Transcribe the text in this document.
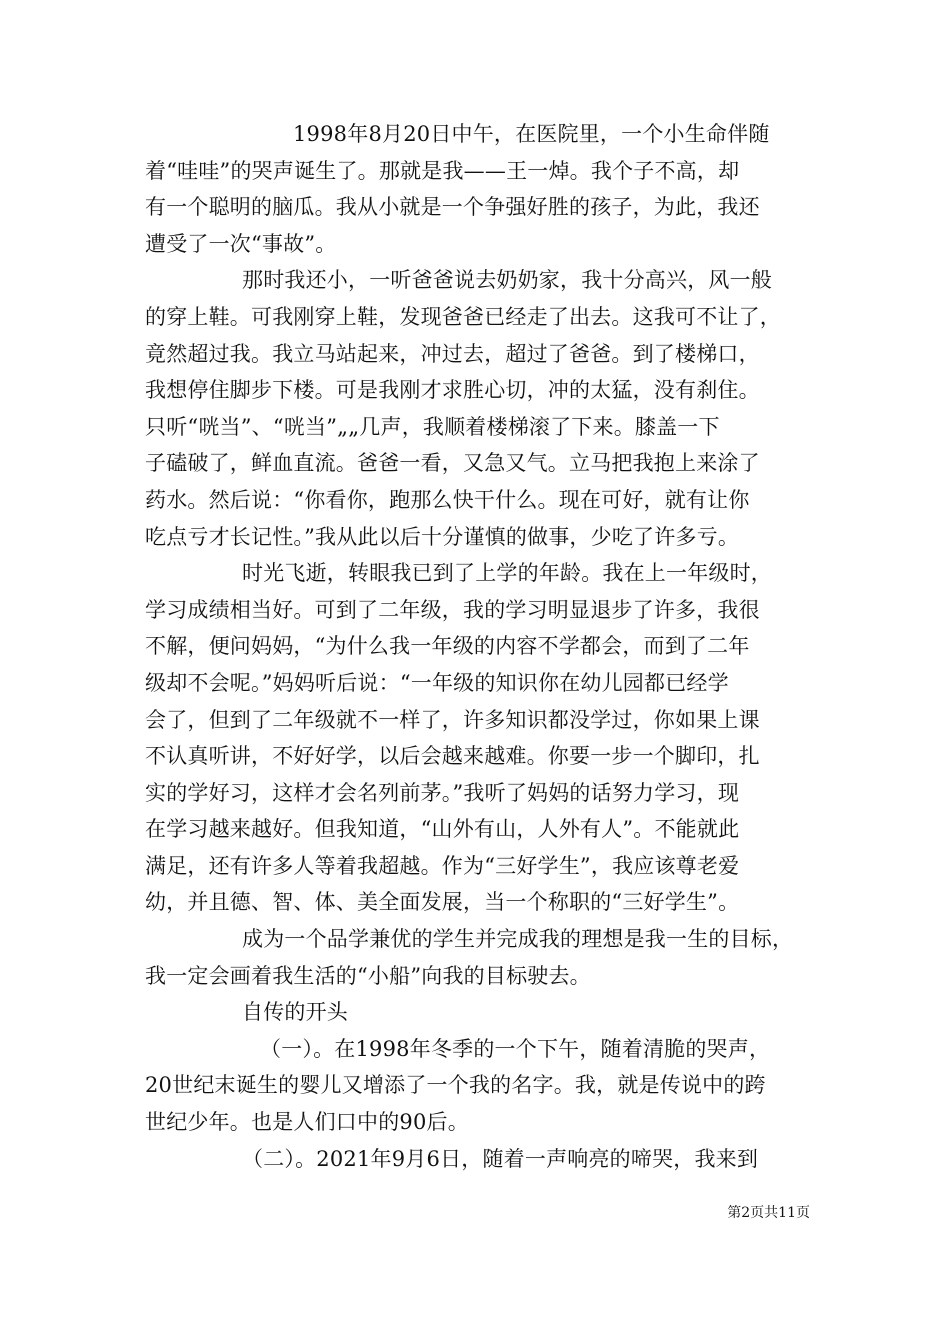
1998年8月20日中午，在医院里，一个小生命伴随
着“哇哇”的哭声诞生了。那就是我——王一焯。我个子不高，却
有一个聪明的脑瓜。我从小就是一个争强好胜的孩子，为此，我还
遭受了一次“事故”。
那时我还小，一听爸爸说去奶奶家，我十分高兴，风一般
的穿上鞋。可我刚穿上鞋，发现爸爸已经走了出去。这我可不让了，
竟然超过我。我立马站起来，冲过去，超过了爸爸。到了楼梯口，
我想停住脚步下楼。可是我刚才求胜心切，冲的太猛，没有刹住。
只听“咣当”、“咣当”„„几声，我顺着楼梯滚了下来。膝盖一下
子磕破了，鲜血直流。爸爸一看，又急又气。立马把我抱上来涂了
药水。然后说：“你看你，跑那么快干什么。现在可好，就有让你
吃点亏才长记性。”我从此以后十分谨慎的做事，少吃了许多亏。
时光飞逝，转眼我已到了上学的年龄。我在上一年级时，
学习成绩相当好。可到了二年级，我的学习明显退步了许多，我很
不解，便问妈妈，“为什么我一年级的内容不学都会，而到了二年
级却不会呢。”妈妈听后说：“一年级的知识你在幼儿园都已经学
会了，但到了二年级就不一样了，许多知识都没学过，你如果上课
不认真听讲，不好好学，以后会越来越难。你要一步一个脚印，扎
实的学好习，这样才会名列前茅。”我听了妈妈的话努力学习，现
在学习越来越好。但我知道，“山外有山，人外有人”。不能就此
满足，还有许多人等着我超越。作为“三好学生”，我应该尊老爱
幼，并且德、智、体、美全面发展，当一个称职的“三好学生”。
成为一个品学兼优的学生并完成我的理想是我一生的目标，
我一定会画着我生活的“小船”向我的目标驶去。
自传的开头
（一）。在1998年冬季的一个下午，随着清脆的哭声，
20世纪末诞生的婴儿又增添了一个我的名字。我，就是传说中的跨
世纪少年。也是人们口中的90后。
（二）。2021年9月6日，随着一声响亮的啼哭，我来到
第2页共11页
